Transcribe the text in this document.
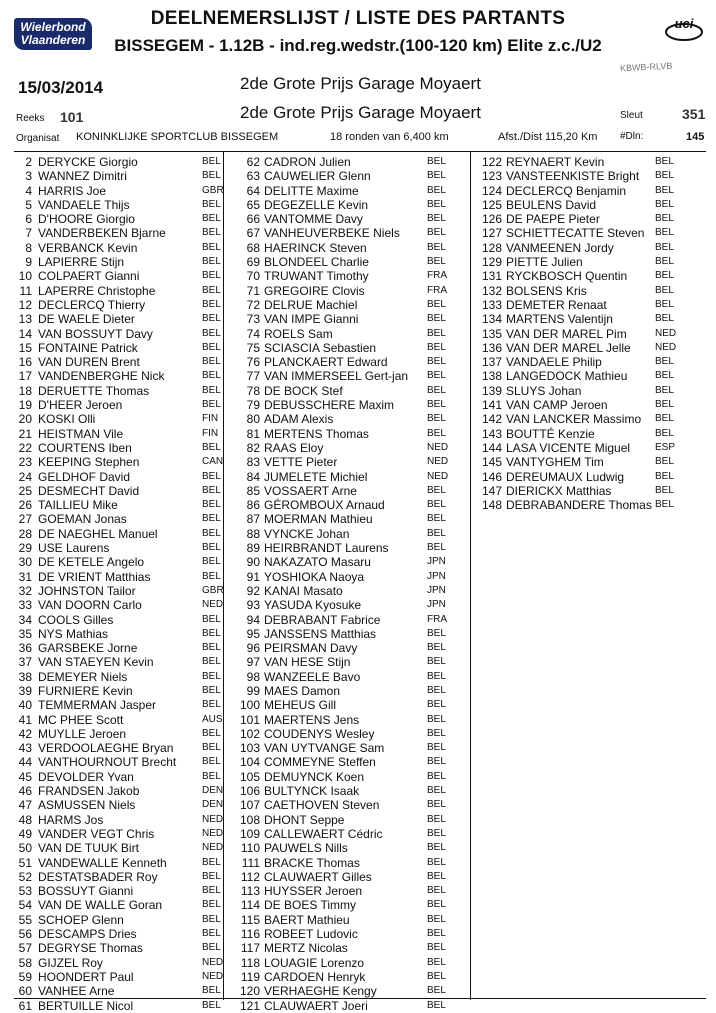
Wielerbond Vlaanderen
uci
KBWB-RLVB
DEELNEMERSLIJST / LISTE DES PARTANTS
BISSEGEM - 1.12B - ind.reg.wedstr.(100-120 km) Elite z.c./U2
15/03/2014	2de Grote Prijs Garage Moyaert
2de Grote Prijs Garage Moyaert
Reeks 101	Sleut	351
Organisat KONINKLIJKE SPORTCLUB BISSEGEM	18 ronden van 6,400 km	Afst./Dist 115,20 Km #Dln:	145
2 DERYCKE Giorgio	BEL
3 WANNEZ Dimitri	BEL
4 HARRIS Joe	GBR
5 VANDAELE Thijs	BEL
6 D'HOORE Giorgio	BEL
7 VANDERBEKEN Bjarne	BEL
8 VERBANCK Kevin	BEL
9 LAPIERRE Stijn	BEL
10 COLPAERT Gianni	BEL
11 LAPERRE Christophe	BEL
12 DECLERCQ Thierry	BEL
13 DE WAELE Dieter	BEL
14 VAN BOSSUYT Davy	BEL
15 FONTAINE Patrick	BEL
16 VAN DUREN Brent	BEL
17 VANDENBERGHE Nick	BEL
18 DERUETTE Thomas	BEL
19 D'HEER Jeroen	BEL
20 KOSKI Olli	FIN
21 HEISTMAN Vile	FIN
22 COURTENS Iben	BEL
23 KEEPING Stephen	CAN
24 GELDHOF David	BEL
25 DESMECHT David	BEL
26 TAILLIEU Mike	BEL
27 GOEMAN Jonas	BEL
28 DE NAEGHEL Manuel	BEL
29 USE Laurens	BEL
30 DE KETELE Angelo	BEL
31 DE VRIENT Matthias	BEL
32 JOHNSTON Tailor	GBR
33 VAN DOORN Carlo	NED
34 COOLS Gilles	BEL
35 NYS Mathias	BEL
36 GARSBEKE Jorne	BEL
37 VAN STAEYEN Kevin	BEL
38 DEMEYER Niels	BEL
39 FURNIERE Kevin	BEL
40 TEMMERMAN Jasper	BEL
41 MC PHEE Scott	AUS
42 MUYLLE Jeroen	BEL
43 VERDOOLAEGHE Bryan	BEL
44 VANTHOURNOUT Brecht	BEL
45 DEVOLDER Yvan	BEL
46 FRANDSEN Jakob	DEN
47 ASMUSSEN Niels	DEN
48 HARMS Jos	NED
49 VANDER VEGT Chris	NED
50 VAN DE TUUK Birt	NED
51 VANDEWALLE Kenneth	BEL
52 DESTATSBADER Roy	BEL
53 BOSSUYT Gianni	BEL
54 VAN DE WALLE Goran	BEL
55 SCHOEP Glenn	BEL
56 DESCAMPS Dries	BEL
57 DEGRYSE Thomas	BEL
58 GIJZEL Roy	NED
59 HOONDERT Paul	NED
60 VANHEE Arne	BEL
61 BERTUILLE Nicol	BEL
62 CADRON Julien	BEL
63 CAUWELIER Glenn	BEL
64 DELITTE Maxime	BEL
65 DEGEZELLE Kevin	BEL
66 VANTOMME Davy	BEL
67 VANHEUVERBEKE Niels	BEL
68 HAERINCK Steven	BEL
69 BLONDEEL Charlie	BEL
70 TRUWANT Timothy	FRA
71 GREGOIRE Clovis	FRA
72 DELRUE Machiel	BEL
73 VAN IMPE Gianni	BEL
74 ROELS Sam	BEL
75 SCIASCIA Sebastien	BEL
76 PLANCKAERT Edward	BEL
77 VAN IMMERSEEL Gert-jan BEL
78 DE BOCK Stef	BEL
79 DEBUSSCHERE Maxim	BEL
80 ADAM Alexis	BEL
81 MERTENS Thomas	BEL
82 RAAS Eloy	NED
83 VETTE Pieter	NED
84 JUMELETE Michiel	NED
85 VOSSAERT Arne	BEL
86 GÉROMBOUX Arnaud	BEL
87 MOERMAN Mathieu	BEL
88 VYNCKE Johan	BEL
89 HEIRBRANDT Laurens	BEL
90 NAKAZATO Masaru	JPN
91 YOSHIOKA Naoya	JPN
92 KANAI Masato	JPN
93 YASUDA Kyosuke	JPN
94 DEBRABANT Fabrice	FRA
95 JANSSENS Matthias	BEL
96 PEIRSMAN Davy	BEL
97 VAN HESE Stijn	BEL
98 WANZEELE Bavo	BEL
99 MAES Damon	BEL
100 MEHEUS Gill	BEL
101 MAERTENS Jens	BEL
102 COUDENYS Wesley	BEL
103 VAN UYTVANGE Sam	BEL
104 COMMEYNE Steffen	BEL
105 DEMUYNCK Koen	BEL
106 BULTYNCK Isaak	BEL
107 CAETHOVEN Steven	BEL
108 DHONT Seppe	BEL
109 CALLEWAERT Cédric	BEL
110 PAUWELS Nills	BEL
111 BRACKE Thomas	BEL
112 CLAUWAERT Gilles	BEL
113 HUYSSER Jeroen	BEL
114 DE BOES Timmy	BEL
115 BAERT Mathieu	BEL
116 ROBEET Ludovic	BEL
117 MERTZ Nicolas	BEL
118 LOUAGIE Lorenzo	BEL
119 CARDOEN Henryk	BEL
120 VERHAEGHE Kengy	BEL
121 CLAUWAERT Joeri	BEL
122 REYNAERT Kevin	BEL
123 VANSTEENKISTE Bright BEL
124 DECLERCQ Benjamin	BEL
125 BEULENS David	BEL
126 DE PAEPE Pieter	BEL
127 SCHIETTECATTE Steven BEL
128 VANMEENEN Jordy	BEL
129 PIETTE Julien	BEL
131 RYCKBOSCH Quentin	BEL
132 BOLSENS Kris	BEL
133 DEMETER Renaat	BEL
134 MARTENS Valentijn	BEL
135 VAN DER MAREL Pim	NED
136 VAN DER MAREL Jelle NED
137 VANDAELE Philip	BEL
138 LANGEDOCK Mathieu	BEL
139 SLUYS Johan	BEL
141 VAN CAMP Jeroen	BEL
142 VAN LANCKER Massimo BEL
143 BOUTTÉ Kenzie	BEL
144 LASA VICENTE Miguel ESP
145 VANTYGHEM Tim	BEL
146 DEREUMAUX Ludwig	BEL
147 DIERICKX Matthias	BEL
148 DEBRABANDERE Thomas BEL
